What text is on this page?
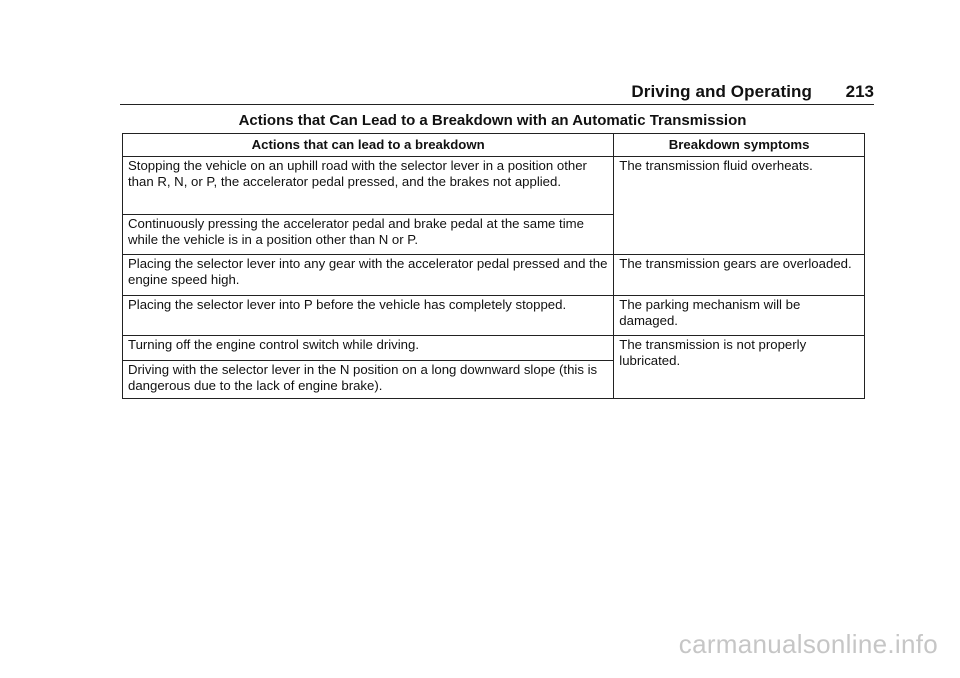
Driving and Operating 213
Actions that Can Lead to a Breakdown with an Automatic Transmission
Actions that can lead to a breakdown	Breakdown symptoms
Stopping the vehicle on an uphill road with the selector lever in a position other than R, N, or P, the accelerator pedal pressed, and the brakes not applied.	The transmission fluid overheats.
Continuously pressing the accelerator pedal and brake pedal at the same time while the vehicle is in a position other than N or P.	
Placing the selector lever into any gear with the accelerator pedal pressed and the engine speed high.	The transmission gears are overloaded.
Placing the selector lever into P before the vehicle has completely stopped.	The parking mechanism will be damaged.
Turning off the engine control switch while driving.	The transmission is not properly lubricated.
Driving with the selector lever in the N position on a long downward slope (this is dangerous due to the lack of engine brake).	
carmanualsonline.info
